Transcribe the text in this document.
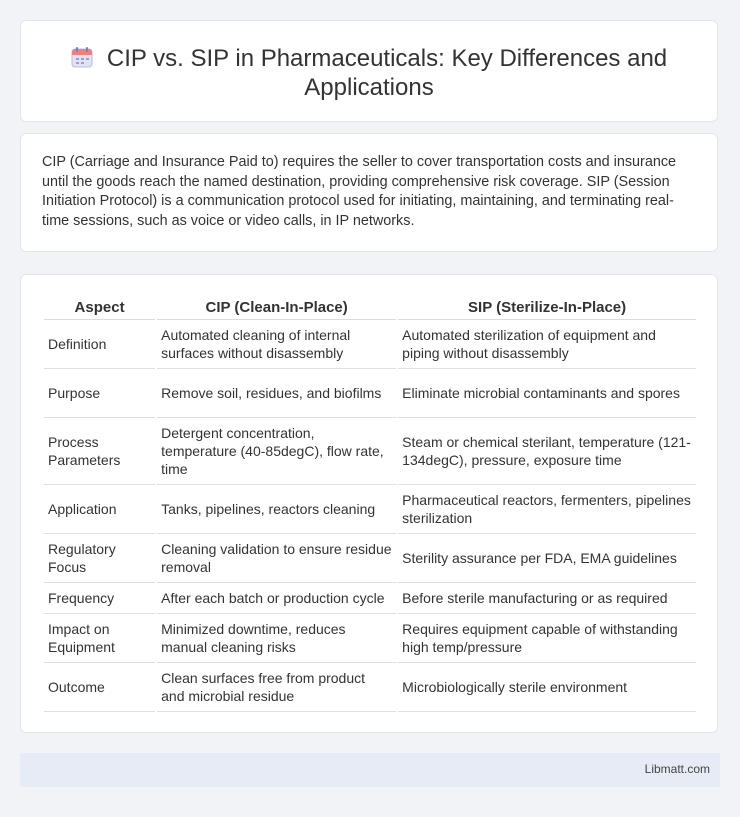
CIP vs. SIP in Pharmaceuticals: Key Differences and Applications
CIP (Carriage and Insurance Paid to) requires the seller to cover transportation costs and insurance until the goods reach the named destination, providing comprehensive risk coverage. SIP (Session Initiation Protocol) is a communication protocol used for initiating, maintaining, and terminating real-time sessions, such as voice or video calls, in IP networks.
Aspect	CIP (Clean-In-Place)	SIP (Sterilize-In-Place)
Definition	Automated cleaning of internal surfaces without disassembly	Automated sterilization of equipment and piping without disassembly
Purpose	Remove soil, residues, and biofilms	Eliminate microbial contaminants and spores
Process Parameters	Detergent concentration, temperature (40-85degC), flow rate, time	Steam or chemical sterilant, temperature (121-134degC), pressure, exposure time
Application	Tanks, pipelines, reactors cleaning	Pharmaceutical reactors, fermenters, pipelines sterilization
Regulatory Focus	Cleaning validation to ensure residue removal	Sterility assurance per FDA, EMA guidelines
Frequency	After each batch or production cycle	Before sterile manufacturing or as required
Impact on Equipment	Minimized downtime, reduces manual cleaning risks	Requires equipment capable of withstanding high temp/pressure
Outcome	Clean surfaces free from product and microbial residue	Microbiologically sterile environment
Libmatt.com
